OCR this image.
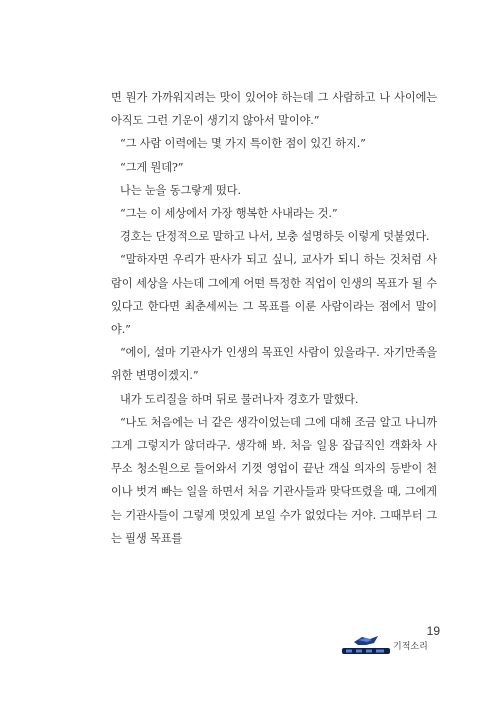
면 뭔가 가까워지려는 맛이 있어야 하는데 그 사람하고 나 사이에는 아직도 그런 기운이 생기지 않아서 말이야.”

“그 사람 이력에는 몇 가지 특이한 점이 있긴 하지.”

“그게 뭔데?”

나는 눈을 동그랗게 떴다.

“그는 이 세상에서 가장 행복한 사내라는 것.”

경호는 단정적으로 말하고 나서, 보충 설명하듯 이렇게 덧붙였다.

“말하자면 우리가 판사가 되고 싶니, 교사가 되니 하는 것처럼 사람이 세상을 사는데 그에게 어떤 특정한 직업이 인생의 목표가 될 수 있다고 한다면 최춘세씨는 그 목표를 이룬 사람이라는 점에서 말이야.”

“에이, 설마 기관사가 인생의 목표인 사람이 있을라구. 자기만족을 위한 변명이겠지.”

내가 도리질을 하며 뒤로 물러나자 경호가 말했다.

“나도 처음에는 너 같은 생각이었는데 그에 대해 조금 알고 나니까 그게 그렇지가 않더라구. 생각해 봐. 처음 일용 잡급직인 객화차 사무소 청소원으로 들어와서 기껏 영업이 끝난 객실 의자의 등받이 천이나 벗겨 빠는 일을 하면서 처음 기관사들과 맞닥뜨렸을 때, 그에게는 기관사들이 그렇게 멋있게 보일 수가 없었다는 거야. 그때부터 그는 필생 목표를

19
기적소리
